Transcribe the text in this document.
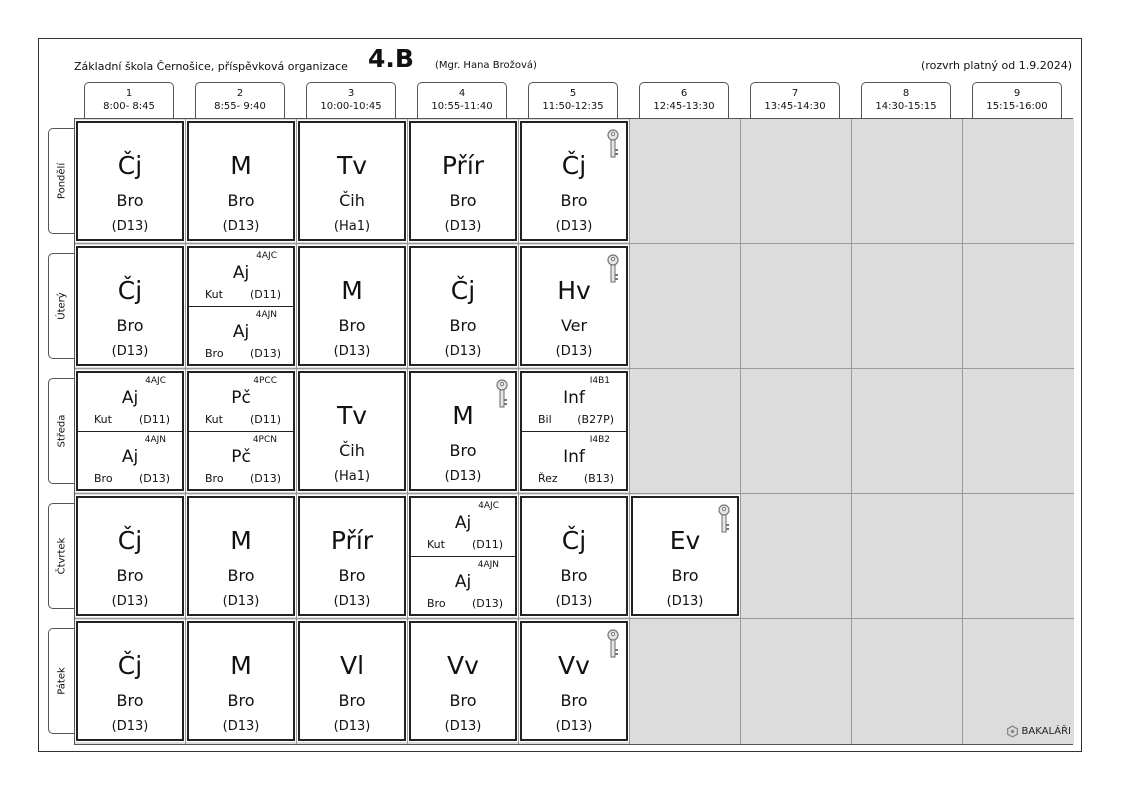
Základní škola Černošice, příspěvková organizace 4.B (Mgr. Hana Brožová)	(rozvrh platný od 1.9.2024)
1
8:00- 8:45
2
8:55- 9:40
3
10:00-10:45
4
10:55-11:40
5
11:50-12:35
6
12:45-13:30
7
13:45-14:30
8
14:30-15:15
9
15:15-16:00
Pondělí
Úterý
Středa
Čtvrtek
Pátek
Čj
Bro
(D13)
M
Bro
(D13)
Tv
Čih
(Ha1)
Přír
Bro
(D13)
Čj
Bro
(D13)
Čj
Bro
(D13)
4AJC
Aj
Kut (D11)
4AJN
Aj
Bro (D13)
M
Bro
(D13)
Čj
Bro
(D13)
Hv
Ver
(D13)
4AJC
Aj
Kut (D11)
4AJN
Aj
Bro (D13)
4PCC
Pč
Kut (D11)
4PCN
Pč
Bro (D13)
Tv
Čih
(Ha1)
M
Bro
(D13)
I4B1
Inf
Bil (B27P)
I4B2
Inf
Řez (B13)
Čj
Bro
(D13)
M
Bro
(D13)
Přír
Bro
(D13)
4AJC
Aj
Kut (D11)
4AJN
Aj
Bro (D13)
Čj
Bro
(D13)
Ev
Bro
(D13)
Čj
Bro
(D13)
M
Bro
(D13)
Vl
Bro
(D13)
Vv
Bro
(D13)
Vv
Bro
(D13)	BAKALÁŘI
